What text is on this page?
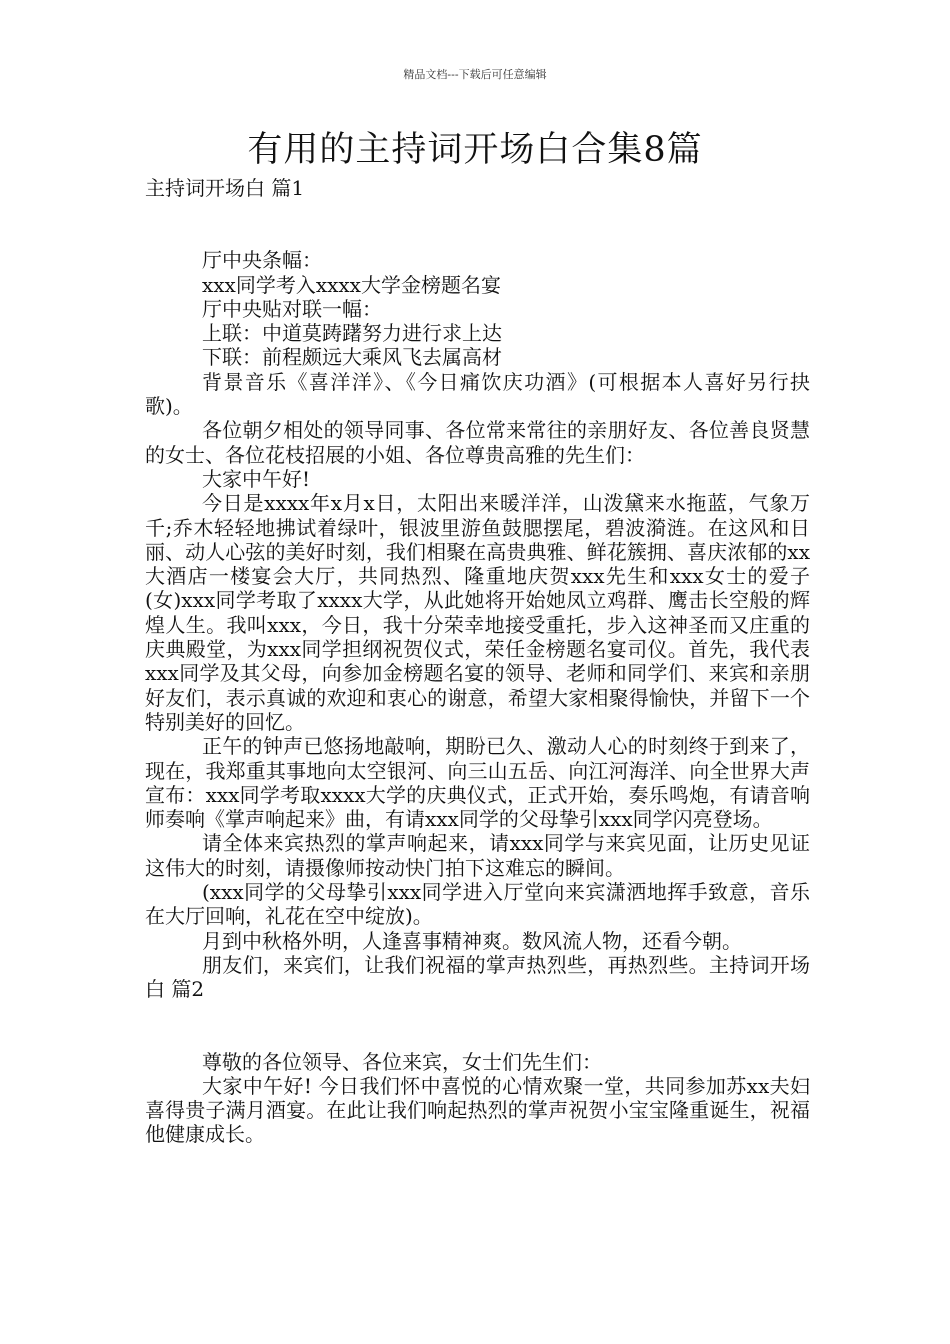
精品文档---下载后可任意编辑
有用的主持词开场白合集8篇
主持词开场白 篇1

厅中央条幅：

xxx同学考入xxxx大学金榜题名宴

厅中央贴对联一幅：

上联：中道莫踌躇努力进行求上达

下联：前程颇远大乘风飞去属高材

背景音乐《喜洋洋》、《今日痛饮庆功酒》(可根据本人喜好另行抉歌)。

各位朝夕相处的领导同事、各位常来常往的亲朋好友、各位善良贤慧的女士、各位花枝招展的小姐、各位尊贵高雅的先生们：

大家中午好!

今日是xxxx年x月x日，太阳出来暖洋洋，山泼黛来水拖蓝，气象万千;乔木轻轻地拂试着绿叶，银波里游鱼鼓腮摆尾，碧波漪涟。在这风和日丽、动人心弦的美好时刻，我们相聚在高贵典雅、鲜花簇拥、喜庆浓郁的xx大酒店一楼宴会大厅，共同热烈、隆重地庆贺xxx先生和xxx女士的爱子(女)xxx同学考取了xxxx大学，从此她将开始她凤立鸡群、鹰击长空般的辉煌人生。我叫xxx，今日，我十分荣幸地接受重托，步入这神圣而又庄重的庆典殿堂，为xxx同学担纲祝贺仪式，荣任金榜题名宴司仪。首先，我代表xxx同学及其父母，向参加金榜题名宴的领导、老师和同学们、来宾和亲朋好友们，表示真诚的欢迎和衷心的谢意，希望大家相聚得愉快，并留下一个特别美好的回忆。

正午的钟声已悠扬地敲响，期盼已久、激动人心的时刻终于到来了，现在，我郑重其事地向太空银河、向三山五岳、向江河海洋、向全世界大声宣布：xxx同学考取xxxx大学的庆典仪式，正式开始，奏乐鸣炮，有请音响师奏响《掌声响起来》曲，有请xxx同学的父母挚引xxx同学闪亮登场。

请全体来宾热烈的掌声响起来，请xxx同学与来宾见面，让历史见证这伟大的时刻，请摄像师按动快门拍下这难忘的瞬间。

(xxx同学的父母挚引xxx同学进入厅堂向来宾潇洒地挥手致意，音乐在大厅回响，礼花在空中绽放)。

月到中秋格外明，人逢喜事精神爽。数风流人物，还看今朝。

朋友们，来宾们，让我们祝福的掌声热烈些，再热烈些。主持词开场白 篇2

尊敬的各位领导、各位来宾，女士们先生们：

大家中午好! 今日我们怀中喜悦的心情欢聚一堂，共同参加苏xx夫妇喜得贵子满月酒宴。在此让我们响起热烈的掌声祝贺小宝宝隆重诞生，祝福他健康成长。
